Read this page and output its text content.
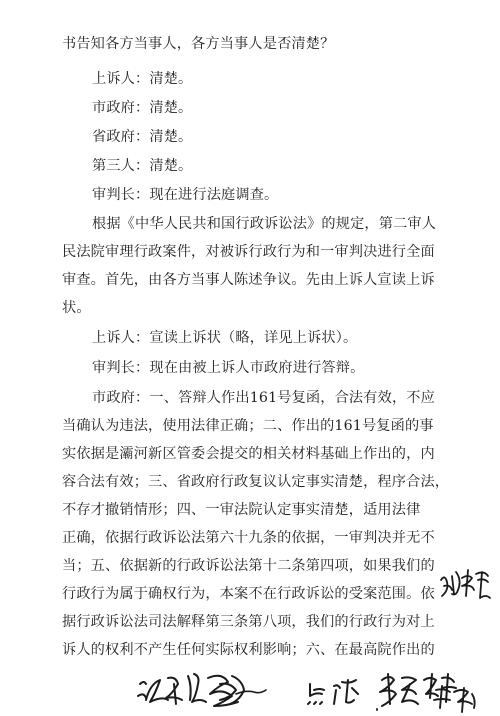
书告知各方当事人，各方当事人是否清楚？
上诉人：清楚。
市政府：清楚。
省政府：清楚。
第三人：清楚。
审判长：现在进行法庭调查。
根据《中华人民共和国行政诉讼法》的规定，第二审人
民法院审理行政案件，对被诉行政行为和一审判决进行全面
审查。首先，由各方当事人陈述争议。先由上诉人宣读上诉
状。
上诉人：宣读上诉状（略，详见上诉状）。
审判长：现在由被上诉人市政府进行答辩。
市政府：一、答辩人作出161号复函，合法有效，不应
当确认为违法，使用法律正确；二、作出的161号复函的事
实依据是灞河新区管委会提交的相关材料基础上作出的，内
容合法有效；三、省政府行政复议认定事实清楚，程序合法，
不存才撤销情形；四、一审法院认定事实清楚，适用法律
正确，依据行政诉讼法第六十九条的依据，一审判决并无不
当；五、依据新的行政诉讼法第十二条第四项，如果我们的
行政行为属于确权行为，本案不在行政诉讼的受案范围。依
据行政诉讼法司法解释第三条第八项，我们的行政行为对上
诉人的权利不产生任何实际权利影响；六、在最高院作出的
